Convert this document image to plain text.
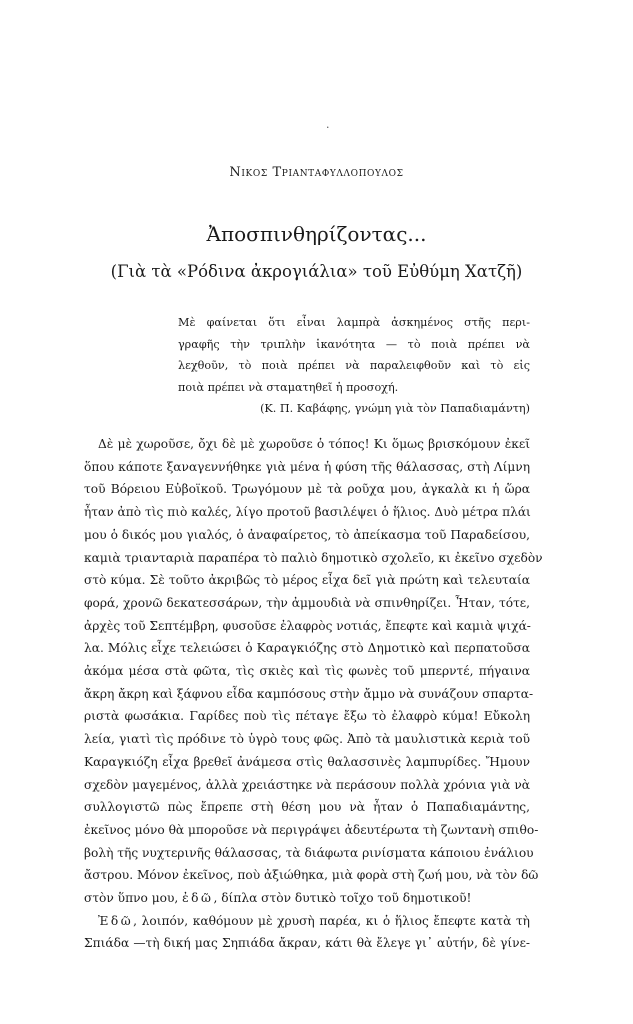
·
Νικος Τριανταφυλλοπουλος
Ἀποσπινθηρίζοντας...
(Γιὰ τὰ «Ρόδινα ἀκρογιάλια» τοῦ Εὐθύμη Χατζῆ)
Μὲ φαίνεται ὅτι εἶναι λαμπρὰ ἀσκημένος στῆς περι-
γραφῆς τὴν τριπλὴν ἱκανότητα — τὸ ποιὰ πρέπει νὰ
λεχθοῦν, τὸ ποιὰ πρέπει νὰ παραλειφθοῦν καὶ τὸ εἰς
ποιὰ πρέπει νὰ σταματηθεῖ ἡ προσοχή.
(Κ. Π. Καβάφης, γνώμη γιὰ τὸν Παπαδιαμάντη)
Δὲ μὲ χωροῦσε, ὄχι δὲ μὲ χωροῦσε ὁ τόπος! Κι ὅμως βρισκόμουν ἐκεῖ
ὅπου κάποτε ξαναγεννήθηκε γιὰ μένα ἡ φύση τῆς θάλασσας, στὴ Λίμνη
τοῦ Βόρειου Εὐβοϊκοῦ. Τρωγόμουν μὲ τὰ ροῦχα μου, ἀγκαλὰ κι ἡ ὥρα
ἦταν ἀπὸ τὶς πιὸ καλές, λίγο προτοῦ βασιλέψει ὁ ἥλιος. Δυὸ μέτρα πλάι
μου ὁ δικός μου γιαλός, ὁ ἀναφαίρετος, τὸ ἀπείκασμα τοῦ Παραδείσου,
καμιὰ τριανταριὰ παραπέρα τὸ παλιὸ δημοτικὸ σχολεῖο, κι ἐκεῖνο σχεδὸν
στὸ κύμα. Σὲ τοῦτο ἀκριβῶς τὸ μέρος εἶχα δεῖ γιὰ πρώτη καὶ τελευταία
φορά, χρονῶ δεκατεσσάρων, τὴν ἀμμουδιὰ νὰ σπινθηρίζει. Ἦταν, τότε,
ἀρχὲς τοῦ Σεπτέμβρη, φυσοῦσε ἐλαφρὸς νοτιάς, ἔπεφτε καὶ καμιὰ ψιχά-
λα. Μόλις εἶχε τελειώσει ὁ Καραγκιόζης στὸ Δημοτικὸ καὶ περπατοῦσα
ἀκόμα μέσα στὰ φῶτα, τὶς σκιὲς καὶ τὶς φωνὲς τοῦ μπερντέ, πήγαινα
ἄκρη ἄκρη καὶ ξάφνου εἶδα καμπόσους στὴν ἄμμο νὰ συνάζουν σπαρτα-
ριστὰ φωσάκια. Γαρίδες ποὺ τὶς πέταγε ἔξω τὸ ἐλαφρὸ κύμα! Εὔκολη
λεία, γιατὶ τὶς πρόδινε τὸ ὑγρὸ τους φῶς. Ἀπὸ τὰ μαυλιστικὰ κεριὰ τοῦ
Καραγκιόζη εἶχα βρεθεῖ ἀνάμεσα στὶς θαλασσινὲς λαμπυρίδες. Ἤμουν
σχεδὸν μαγεμένος, ἀλλὰ χρειάστηκε νὰ περάσουν πολλὰ χρόνια γιὰ νὰ
συλλογιστῶ πὼς ἔπρεπε στὴ θέση μου νὰ ἦταν ὁ Παπαδιαμάντης,
ἐκεῖνος μόνο θὰ μποροῦσε νὰ περιγράψει ἀδευτέρωτα τὴ ζωντανὴ σπιθο-
βολὴ τῆς νυχτερινῆς θάλασσας, τὰ διάφωτα ρινίσματα κάποιου ἐνάλιου
ἄστρου. Μόνον ἐκεῖνος, ποὺ ἀξιώθηκα, μιὰ φορὰ στὴ ζωή μου, νὰ τὸν δῶ
στὸν ὕπνο μου, ἐδῶ, δίπλα στὸν δυτικὸ τοῖχο τοῦ δημοτικοῦ!
Ἐδῶ, λοιπόν, καθόμουν μὲ χρυσὴ παρέα, κι ὁ ἥλιος ἔπεφτε κατὰ τὴ
Σπιάδα —τὴ δική μας Σηπιάδα ἄκραν, κάτι θὰ ἔλεγε γι᾽ αὐτήν, δὲ γίνε-
